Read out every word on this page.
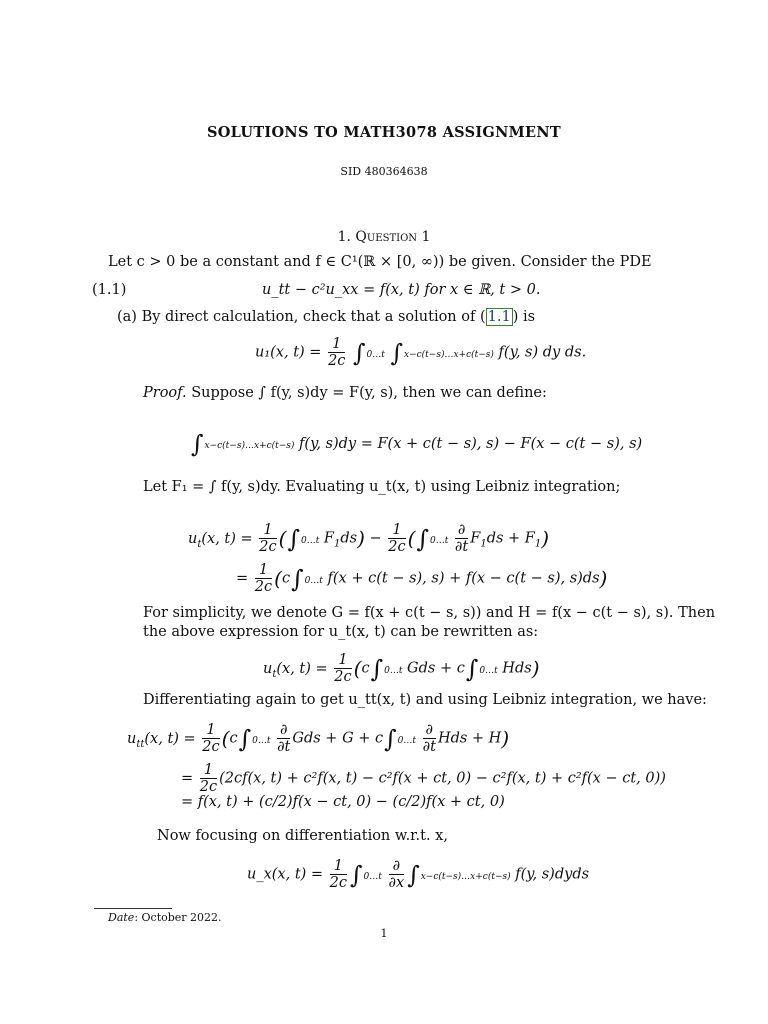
SOLUTIONS TO MATH3078 ASSIGNMENT
SID 480364638
1. Question 1
Let c > 0 be a constant and f ∈ C¹(ℝ × [0, ∞)) be given. Consider the PDE
(1.1)	u_tt − c²u_xx = f(x, t) for x ∈ ℝ, t > 0.
(a) By direct calculation, check that a solution of ( 1.1 ) is
u₁(x, $t) = \frac{1}{2c}$ ∫0…t ∫x−c(t−s)…x+c(t−s) f(y, s) dy ds.
Proof. Suppose ∫ f(y, s)dy = F(y, s), then we can define:
∫x−c(t−s)…x+c(t−s) f(y, s)dy = F(x + c(t − s), s) − F(x − c(t − s), s)
Let F₁ = ∫ f(y, s)dy. Evaluating u_t(x, t) using Leibniz integration;
$u_t(x$, $t) = \frac{1}{2c}$ (∫0…t $F_1ds) - \frac{1}{2c}$ (∫0…t $\frac{\partial}{\partial t} F_1ds + F_1$)
= $\frac{1}{2c}$ (c∫0…t f(x + c(t − s), s) + f(x − c(t − s), s)ds)
For simplicity, we denote G = f(x + c(t − s, s)) and H = f(x − c(t − s), s). Then
the above expression for u_t(x, t) can be rewritten as:
$u_t(x$, $t) = \frac{1}{2c}$ (c∫0…t Gds + c∫0…t Hds)
Differentiating again to get u_tt(x, t) and using Leibniz integration, we have:
$u_{tt}(x$, $t) = \frac{1}{2c}$ (c∫0…t $\frac{\partial}{\partial t}$ Gds + G + c∫0…t $\frac{\partial}{\partial t}$ Hds + H)
= $\frac{1}{2c} (2cf(x$, t) + c²f(x, t) − c²f(x + ct, 0) − c²f(x, t) + c²f(x − ct, 0))
= f(x, t) + (c/2)f(x − ct, 0) − (c/2)f(x + ct, 0)
Now focusing on differentiation w.r.t. x,
u_x(x, $t) = \frac{1}{2c}$ ∫0…t $\frac{\partial}{\partial x}$ ∫x−c(t−s)…x+c(t−s) f(y, s)dyds
Date: October 2022.
1
